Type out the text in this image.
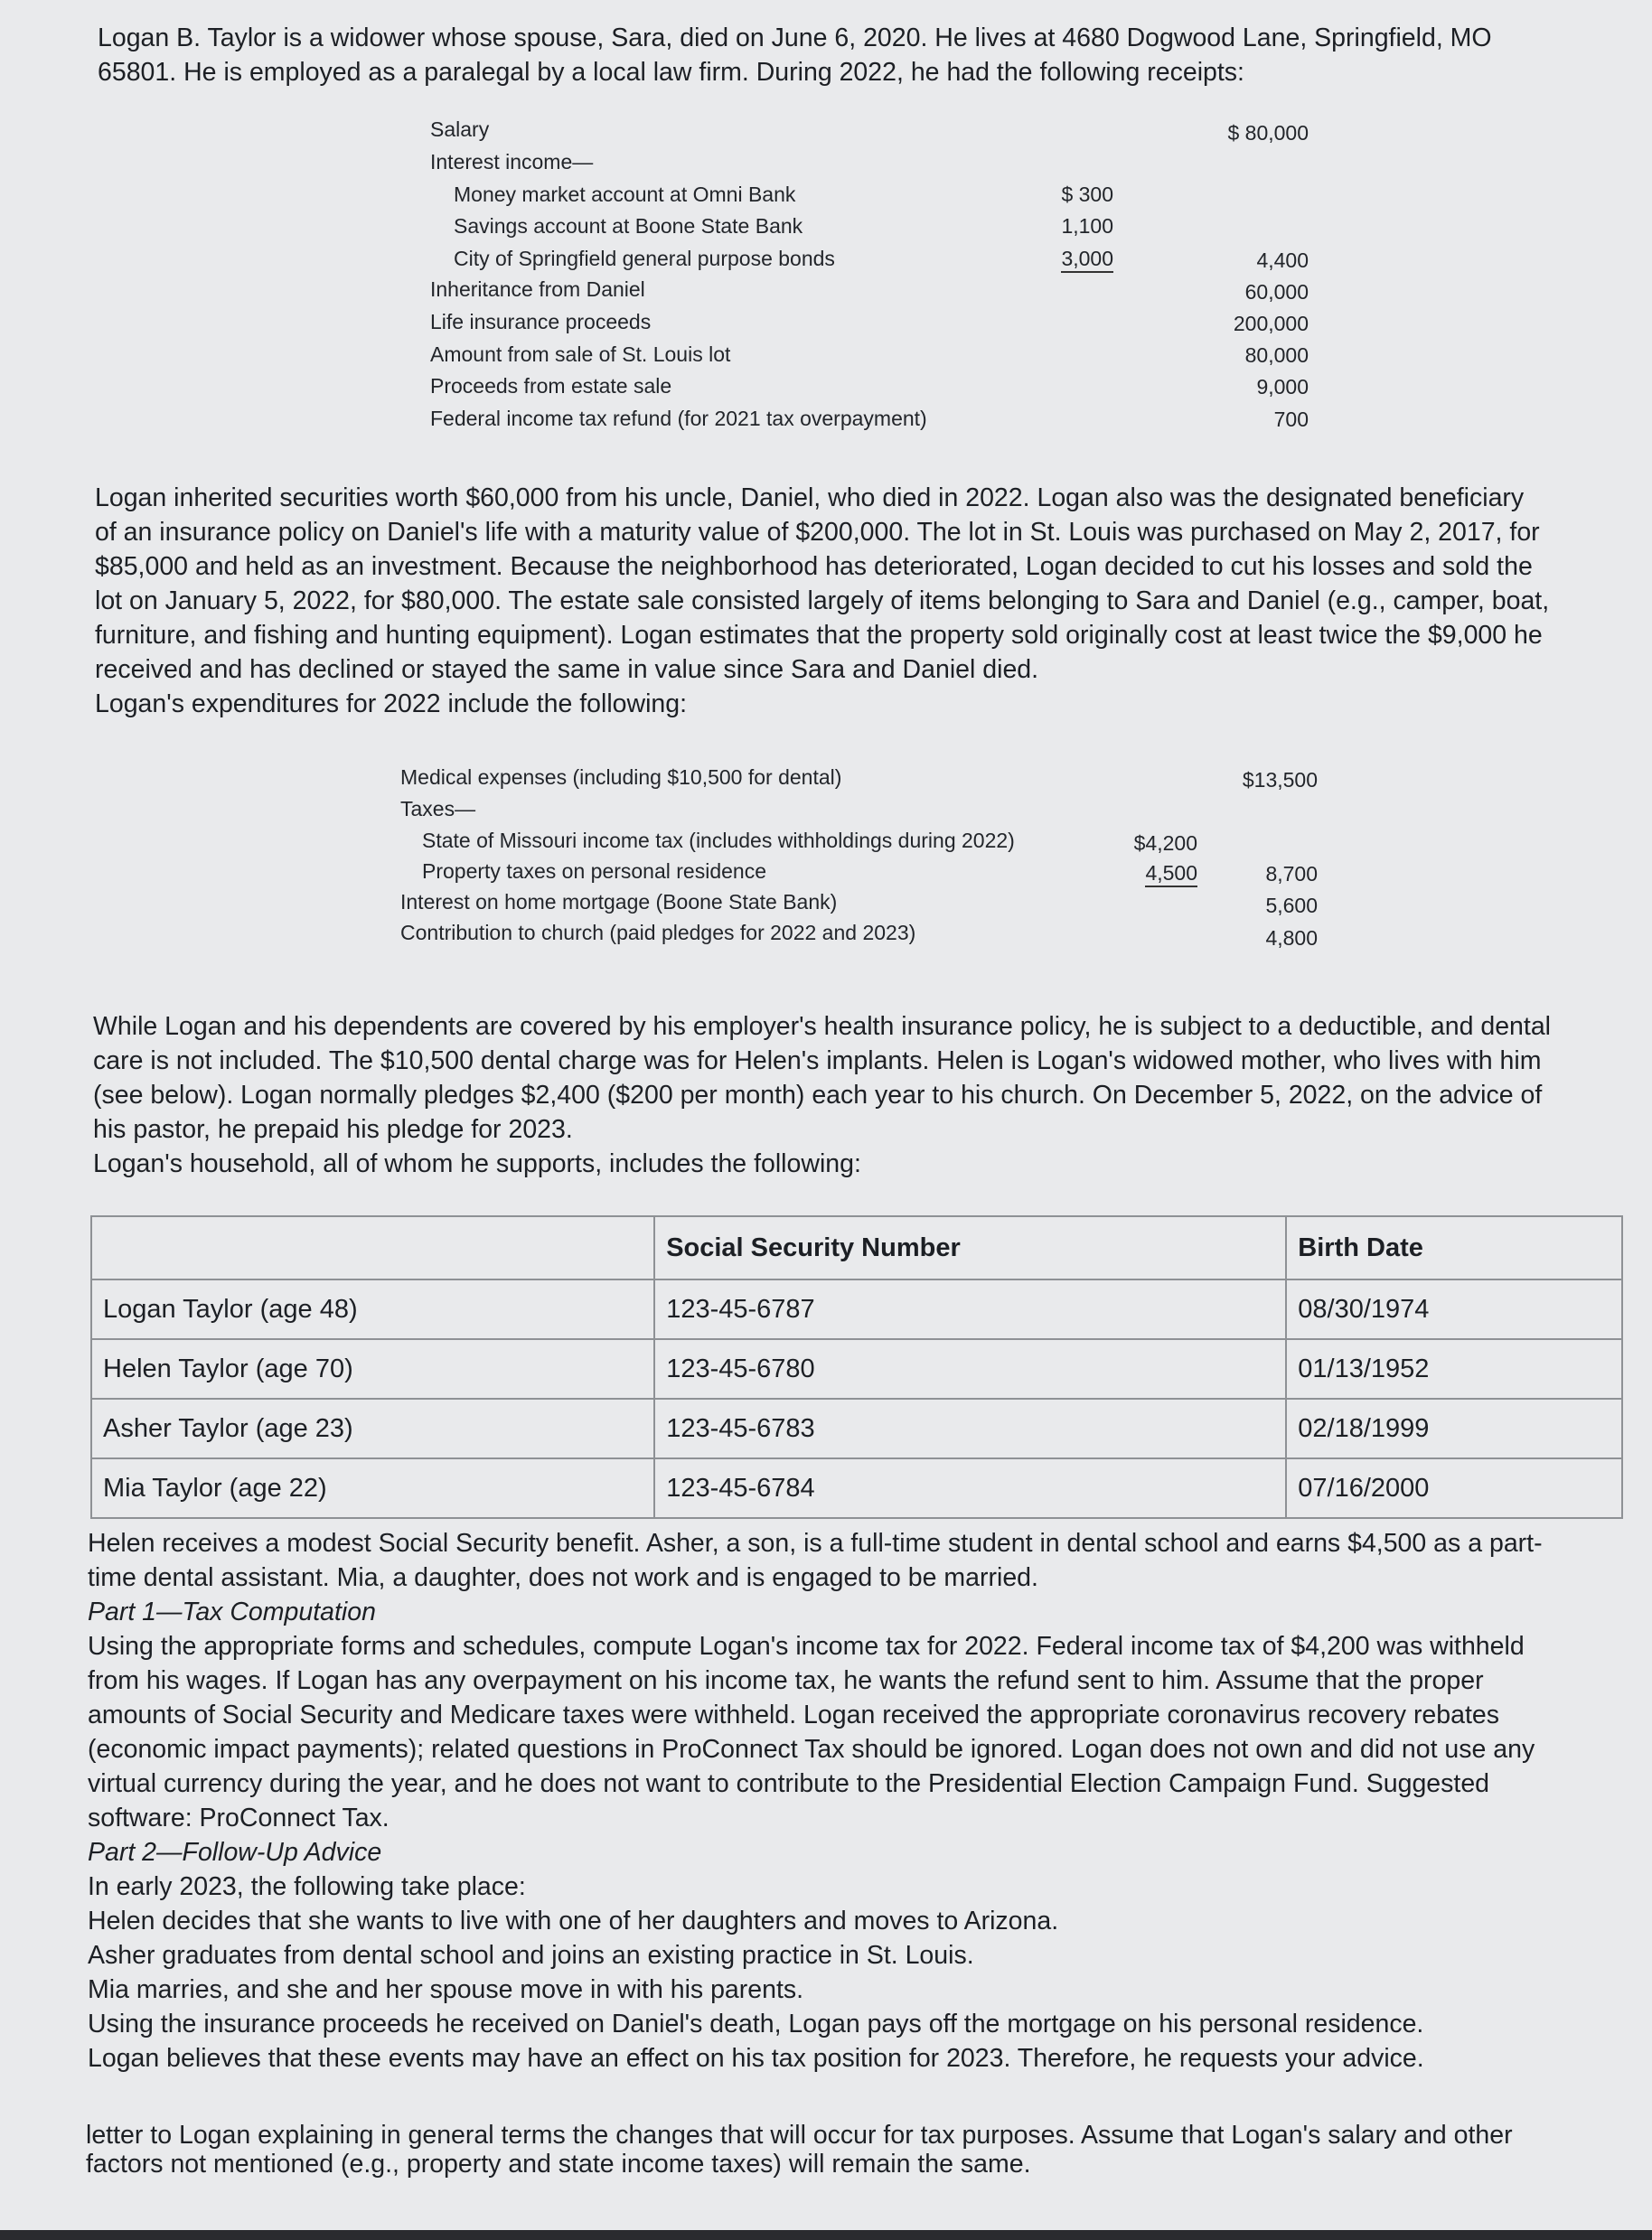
Logan B. Taylor is a widower whose spouse, Sara, died on June 6, 2020. He lives at 4680 Dogwood Lane, Springfield, MO
65801. He is employed as a paralegal by a local law firm. During 2022, he had the following receipts:
Salary	$ 80,000
Interest income—
Money market account at Omni Bank	$ 300
Savings account at Boone State Bank	1,100
City of Springfield general purpose bonds	3,000	4,400
Inheritance from Daniel	60,000
Life insurance proceeds	200,000
Amount from sale of St. Louis lot	80,000
Proceeds from estate sale	9,000
Federal income tax refund (for 2021 tax overpayment)	700
Logan inherited securities worth $60,000 from his uncle, Daniel, who died in 2022. Logan also was the designated beneficiary
of an insurance policy on Daniel's life with a maturity value of $200,000. The lot in St. Louis was purchased on May 2, 2017, for
$85,000 and held as an investment. Because the neighborhood has deteriorated, Logan decided to cut his losses and sold the
lot on January 5, 2022, for $80,000. The estate sale consisted largely of items belonging to Sara and Daniel (e.g., camper, boat,
furniture, and fishing and hunting equipment). Logan estimates that the property sold originally cost at least twice the $9,000 he
received and has declined or stayed the same in value since Sara and Daniel died.
Logan's expenditures for 2022 include the following:
Medical expenses (including $10,500 for dental)	$13,500
Taxes—
State of Missouri income tax (includes withholdings during 2022)	$4,200
Property taxes on personal residence	4,500	8,700
Interest on home mortgage (Boone State Bank)	5,600
Contribution to church (paid pledges for 2022 and 2023)	4,800
While Logan and his dependents are covered by his employer's health insurance policy, he is subject to a deductible, and dental
care is not included. The $10,500 dental charge was for Helen's implants. Helen is Logan's widowed mother, who lives with him
(see below). Logan normally pledges $2,400 ($200 per month) each year to his church. On December 5, 2022, on the advice of
his pastor, he prepaid his pledge for 2023.
Logan's household, all of whom he supports, includes the following:
	Social Security Number	Birth Date
Logan Taylor (age 48)	123-45-6787	08/30/1974
Helen Taylor (age 70)	123-45-6780	01/13/1952
Asher Taylor (age 23)	123-45-6783	02/18/1999
Mia Taylor (age 22)	123-45-6784	07/16/2000
Helen receives a modest Social Security benefit. Asher, a son, is a full-time student in dental school and earns $4,500 as a part-
time dental assistant. Mia, a daughter, does not work and is engaged to be married.
Part 1—Tax Computation
Using the appropriate forms and schedules, compute Logan's income tax for 2022. Federal income tax of $4,200 was withheld
from his wages. If Logan has any overpayment on his income tax, he wants the refund sent to him. Assume that the proper
amounts of Social Security and Medicare taxes were withheld. Logan received the appropriate coronavirus recovery rebates
(economic impact payments); related questions in ProConnect Tax should be ignored. Logan does not own and did not use any
virtual currency during the year, and he does not want to contribute to the Presidential Election Campaign Fund. Suggested
software: ProConnect Tax.
Part 2—Follow-Up Advice
In early 2023, the following take place:
Helen decides that she wants to live with one of her daughters and moves to Arizona.
Asher graduates from dental school and joins an existing practice in St. Louis.
Mia marries, and she and her spouse move in with his parents.
Using the insurance proceeds he received on Daniel's death, Logan pays off the mortgage on his personal residence.
Logan believes that these events may have an effect on his tax position for 2023. Therefore, he requests your advice.
letter to Logan explaining in general terms the changes that will occur for tax purposes. Assume that Logan's salary and other
factors not mentioned (e.g., property and state income taxes) will remain the same.
